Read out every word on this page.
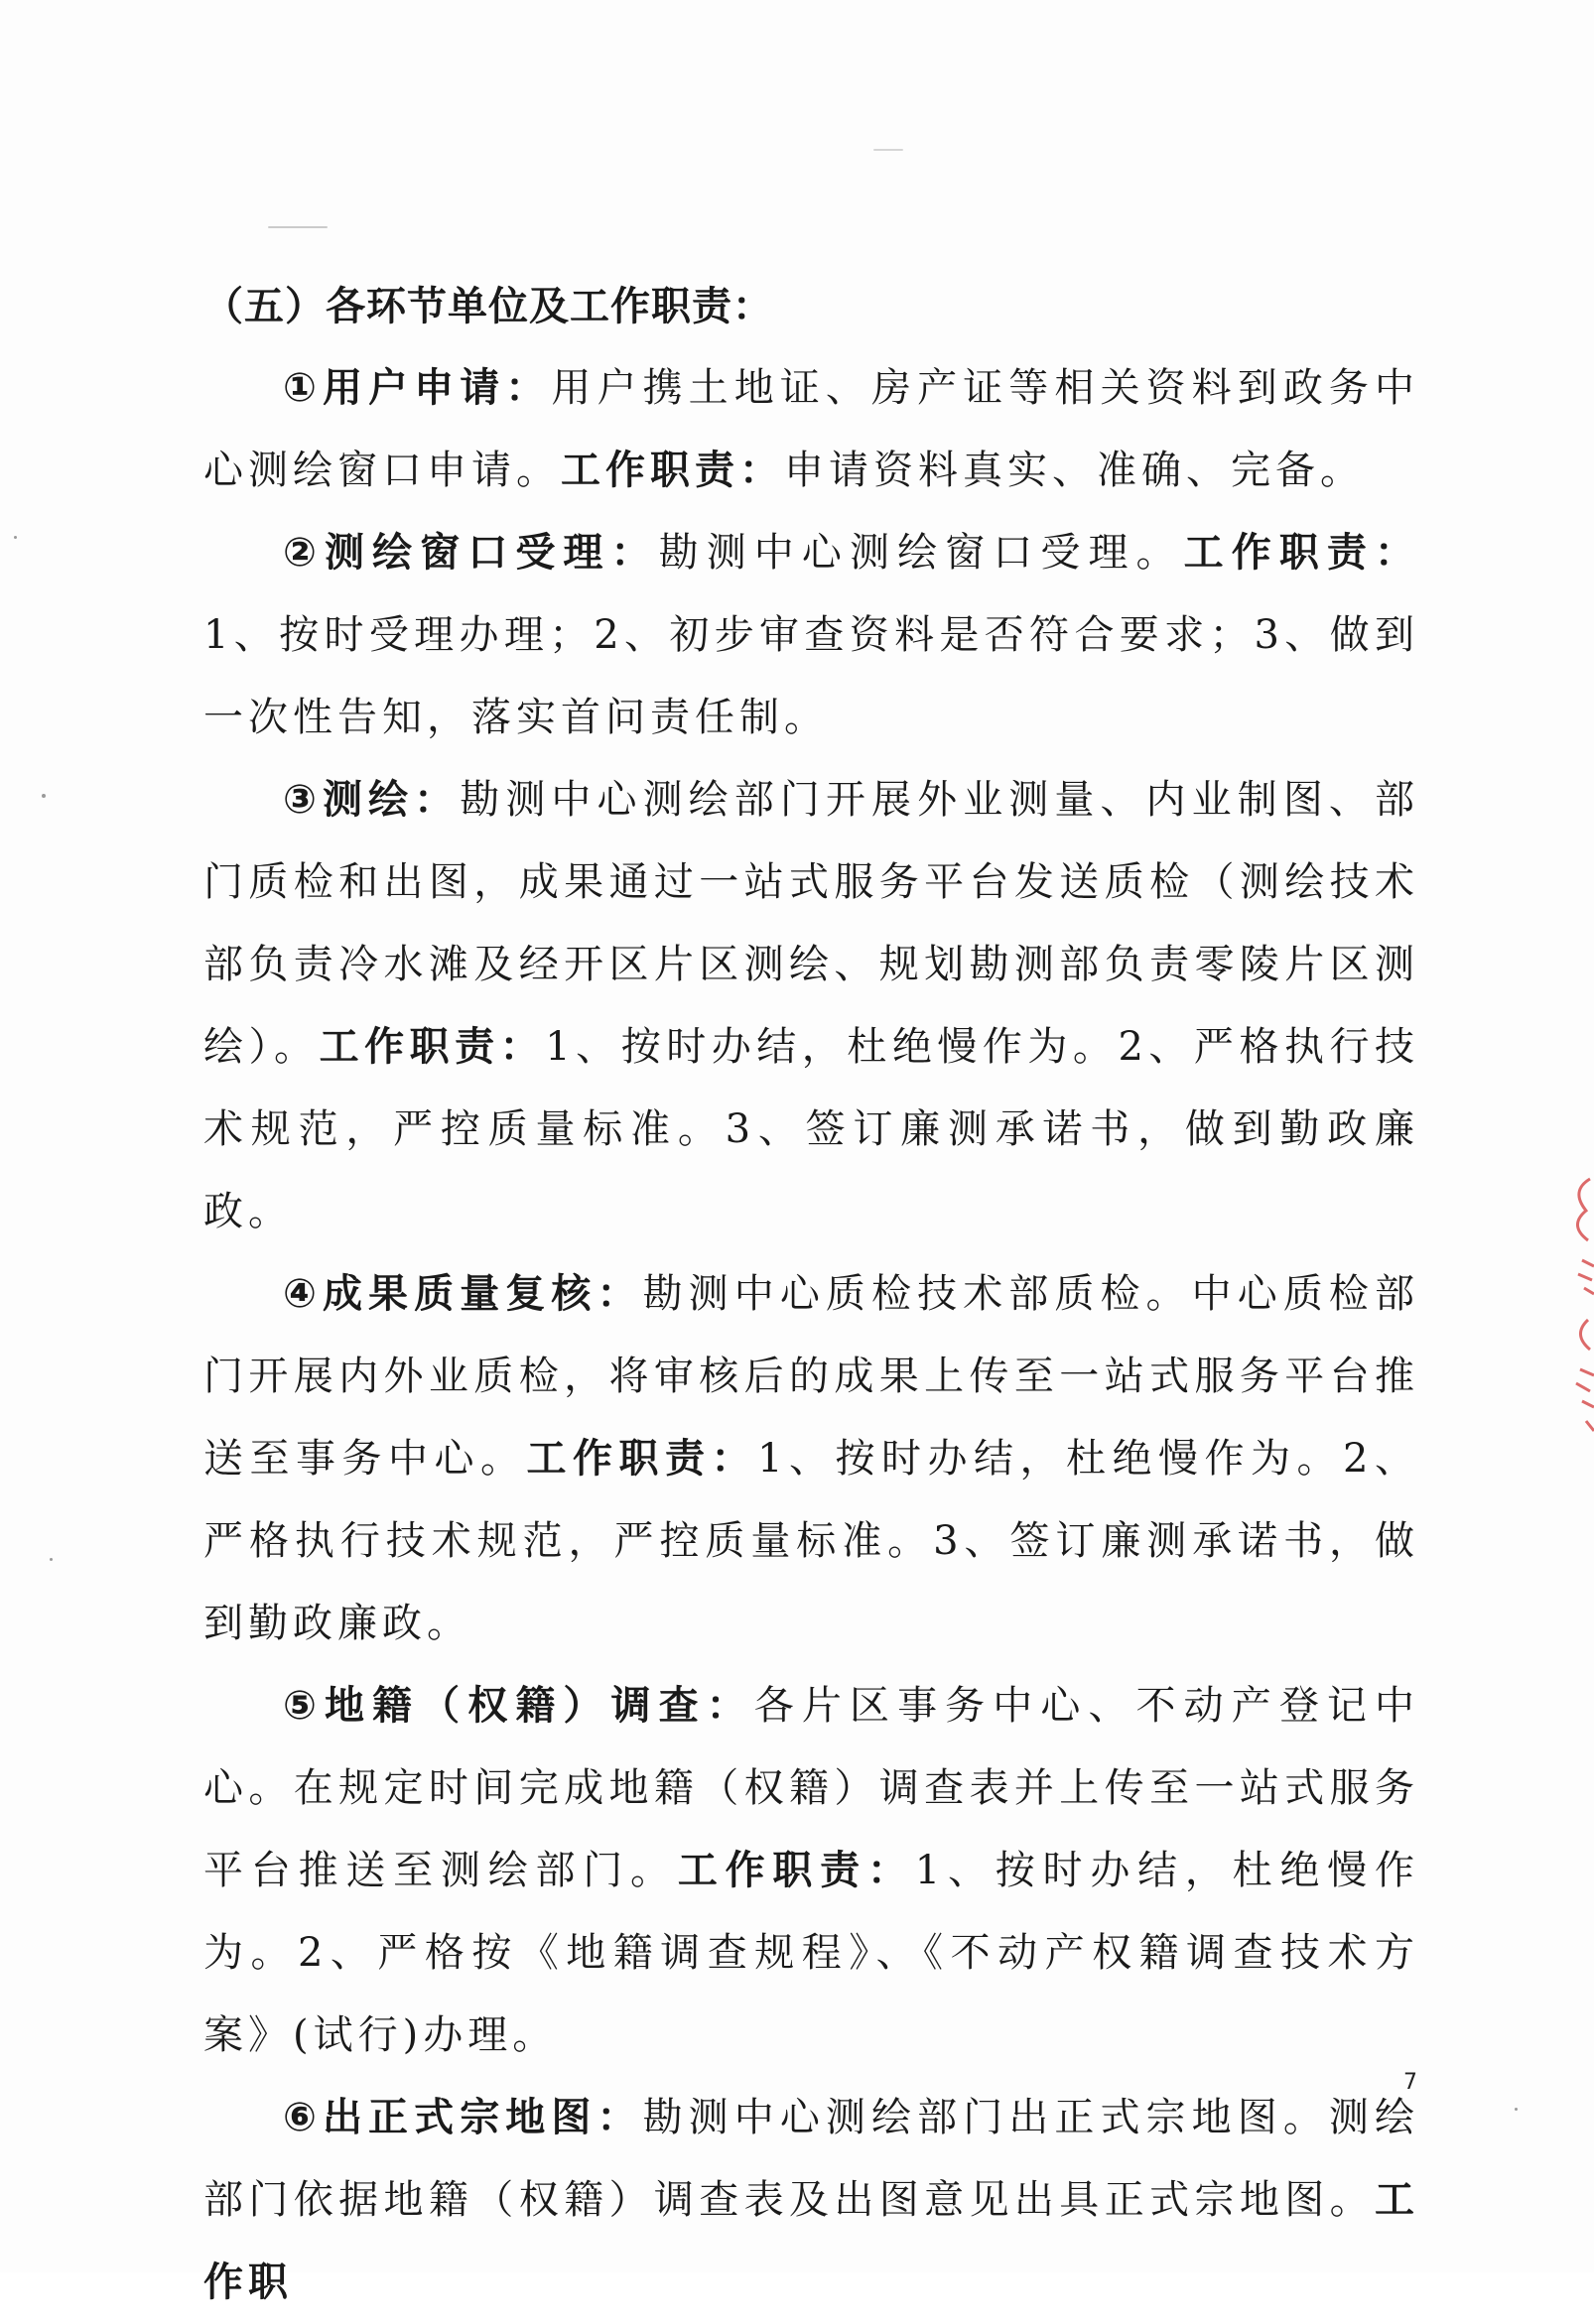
（五）各环节单位及工作职责：

①用户申请：用户携土地证、房产证等相关资料到政务中心测绘窗口申请。工作职责：申请资料真实、准确、完备。

②测绘窗口受理：勘测中心测绘窗口受理。工作职责：1、按时受理办理；2、初步审查资料是否符合要求；3、做到一次性告知，落实首问责任制。

③测绘：勘测中心测绘部门开展外业测量、内业制图、部门质检和出图，成果通过一站式服务平台发送质检（测绘技术部负责冷水滩及经开区片区测绘、规划勘测部负责零陵片区测绘）。工作职责：1、按时办结，杜绝慢作为。2、严格执行技术规范，严控质量标准。3、签订廉测承诺书，做到勤政廉政。

④成果质量复核：勘测中心质检技术部质检。中心质检部门开展内外业质检，将审核后的成果上传至一站式服务平台推送至事务中心。工作职责：1、按时办结，杜绝慢作为。2、严格执行技术规范，严控质量标准。3、签订廉测承诺书，做到勤政廉政。

⑤地籍（权籍）调查：各片区事务中心、不动产登记中心。在规定时间完成地籍（权籍）调查表并上传至一站式服务平台推送至测绘部门。工作职责：1、按时办结，杜绝慢作为。2、严格按《地籍调查规程》、《不动产权籍调查技术方案》(试行)办理。

⑥出正式宗地图：勘测中心测绘部门出正式宗地图。测绘部门依据地籍（权籍）调查表及出图意见出具正式宗地图。工作职

7
